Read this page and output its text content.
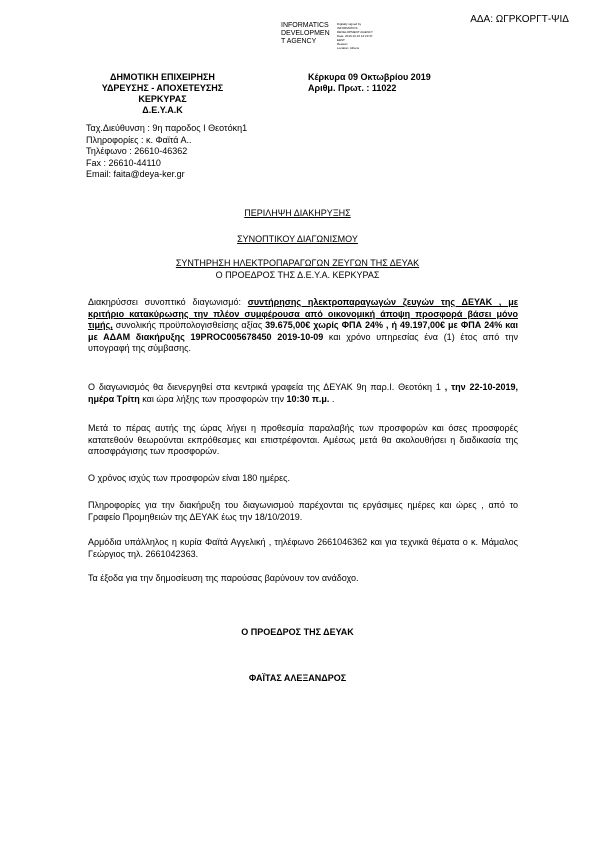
ΑΔΑ: ΩΓΡΚΟΡΓΤ-ΨΙΔ
INFORMATICS
DEVELOPMEN
T AGENCY
Digitally signed by
INFORMATICS
DEVELOPMENT AGENCY
Date: 2019.10.10 12:23:37
EEST
Reason:
Location: Athens
ΔΗΜΟΤΙΚΗ ΕΠΙΧΕΙΡΗΣΗ
ΥΔΡΕΥΣΗΣ - ΑΠΟΧΕΤΕΥΣΗΣ
ΚΕΡΚΥΡΑΣ
Δ.Ε.Υ.Α.Κ
Κέρκυρα 09 Οκτωβρίου 2019
Αριθμ. Πρωτ. : 11022
Ταχ.Διεύθυνση : 9η παροδος Ι Θεοτόκη1
Πληροφορίες : κ. Φαϊτά Α..
Τηλέφωνο : 26610-46362
Fax : 26610-44110
Email: faita@deya-ker.gr
ΠΕΡΙΛΗΨΗ ΔΙΑΚΗΡΥΞΗΣ
ΣΥΝΟΠΤΙΚΟΥ ΔΙΑΓΩΝΙΣΜΟΥ
ΣΥΝΤΗΡΗΣΗ ΗΛΕΚΤΡΟΠΑΡΑΓΩΓΩΝ ΖΕΥΓΩΝ ΤΗΣ ΔΕΥΑΚ
Ο ΠΡΟΕΔΡΟΣ ΤΗΣ Δ.Ε.Υ.Α. ΚΕΡΚΥΡΑΣ
Διακηρύσσει συνοπτικό διαγωνισμό: συντήρησης ηλεκτροπαραγωγών ζευγών της ΔΕΥΑΚ , με κριτήριο κατακύρωσης την πλέον συμφέρουσα από οικονομική άποψη προσφορά βάσει μόνο τιμής, συνολικής προϋπολογισθείσης αξίας 39.675,00€ χωρίς ΦΠΑ 24% , ή 49.197,00€ με ΦΠΑ 24% και με ΑΔΑΜ διακήρυξης 19PROC005678450 2019-10-09 και χρόνο υπηρεσίας ένα (1) έτος από την υπογραφή της σύμβασης.
Ο διαγωνισμός θα διενεργηθεί στα κεντρικά γραφεία της ΔΕΥΑΚ 9η παρ.Ι. Θεοτόκη 1 , την 22-10-2019, ημέρα Τρίτη και ώρα λήξης των προσφορών την 10:30 π.μ. .
Μετά το πέρας αυτής της ώρας λήγει η προθεσμία παραλαβής των προσφορών και όσες προσφορές κατατεθούν θεωρούνται εκπρόθεσμες και επιστρέφονται. Αμέσως μετά θα ακολουθήσει η διαδικασία της αποσφράγισης των προσφορών.
Ο χρόνος ισχύς των προσφορών είναι 180 ημέρες.
Πληροφορίες για την διακήρυξη του διαγωνισμού παρέχονται τις εργάσιμες ημέρες και ώρες , από το Γραφείο Προμηθειών της ΔΕΥΑΚ έως την 18/10/2019.
Αρμόδια υπάλληλος η κυρία Φαϊτά Αγγελική , τηλέφωνο 2661046362 και για τεχνικά θέματα ο κ. Μάμαλος Γεώργιος τηλ. 2661042363.
Τα έξοδα για την δημοσίευση της παρούσας βαρύνουν τον ανάδοχο.
Ο ΠΡΟΕΔΡΟΣ ΤΗΣ ΔΕΥΑΚ
ΦΑΪΤΑΣ ΑΛΕΞΑΝΔΡΟΣ
